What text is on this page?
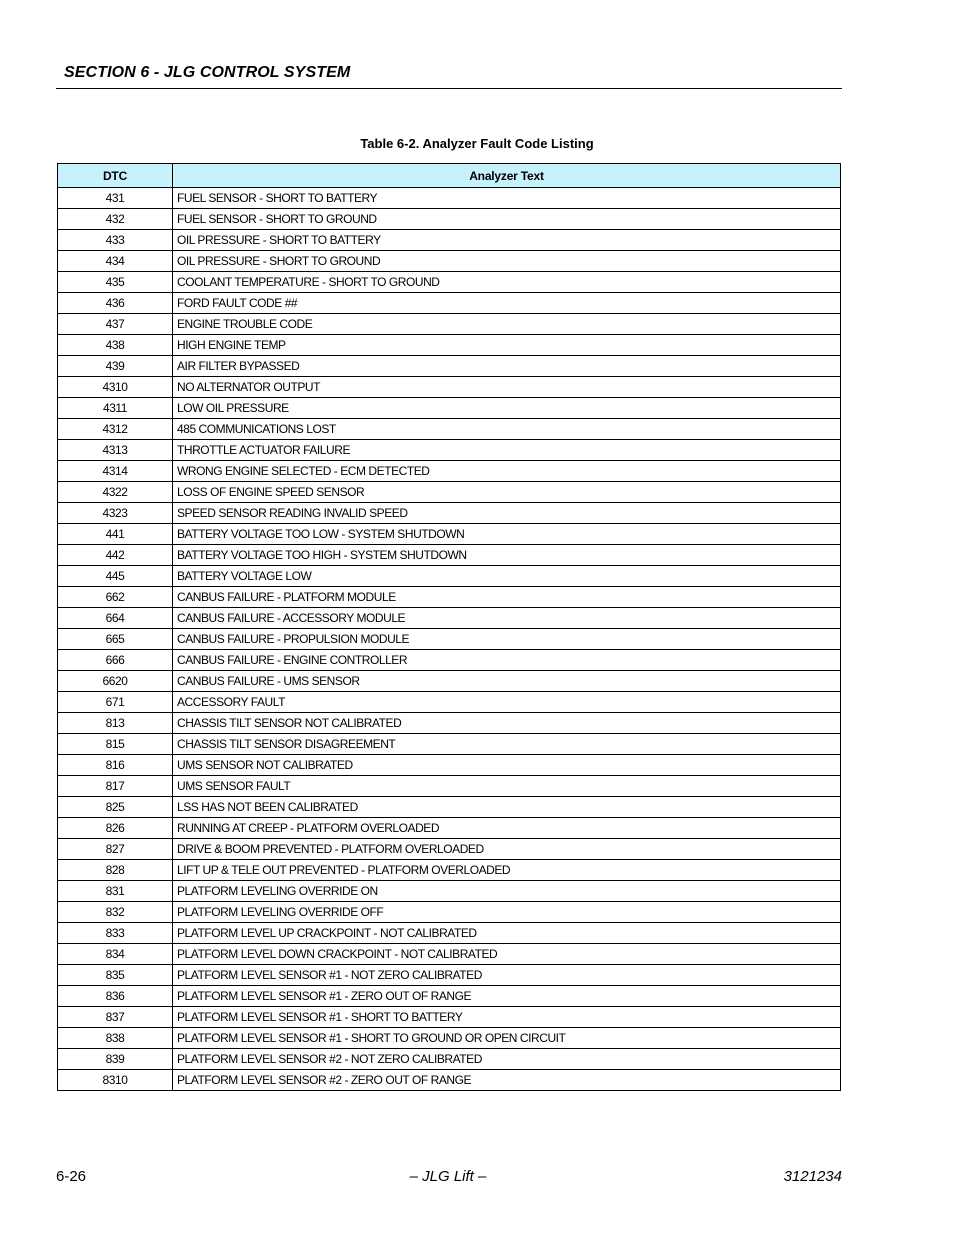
SECTION 6 - JLG CONTROL SYSTEM
Table 6-2. Analyzer Fault Code Listing
DTC	Analyzer Text
431	FUEL SENSOR - SHORT TO BATTERY
432	FUEL SENSOR - SHORT TO GROUND
433	OIL PRESSURE - SHORT TO BATTERY
434	OIL PRESSURE - SHORT TO GROUND
435	COOLANT TEMPERATURE - SHORT TO GROUND
436	FORD FAULT CODE ##
437	ENGINE TROUBLE CODE
438	HIGH ENGINE TEMP
439	AIR FILTER BYPASSED
4310	NO ALTERNATOR OUTPUT
4311	LOW OIL PRESSURE
4312	485 COMMUNICATIONS LOST
4313	THROTTLE ACTUATOR FAILURE
4314	WRONG ENGINE SELECTED - ECM DETECTED
4322	LOSS OF ENGINE SPEED SENSOR
4323	SPEED SENSOR READING INVALID SPEED
441	BATTERY VOLTAGE TOO LOW - SYSTEM SHUTDOWN
442	BATTERY VOLTAGE TOO HIGH - SYSTEM SHUTDOWN
445	BATTERY VOLTAGE LOW
662	CANBUS FAILURE - PLATFORM MODULE
664	CANBUS FAILURE - ACCESSORY MODULE
665	CANBUS FAILURE - PROPULSION MODULE
666	CANBUS FAILURE - ENGINE CONTROLLER
6620	CANBUS FAILURE - UMS SENSOR
671	ACCESSORY FAULT
813	CHASSIS TILT SENSOR NOT CALIBRATED
815	CHASSIS TILT SENSOR DISAGREEMENT
816	UMS SENSOR NOT CALIBRATED
817	UMS SENSOR FAULT
825	LSS HAS NOT BEEN CALIBRATED
826	RUNNING AT CREEP - PLATFORM OVERLOADED
827	DRIVE & BOOM PREVENTED - PLATFORM OVERLOADED
828	LIFT UP & TELE OUT PREVENTED - PLATFORM OVERLOADED
831	PLATFORM LEVELING OVERRIDE ON
832	PLATFORM LEVELING OVERRIDE OFF
833	PLATFORM LEVEL UP CRACKPOINT - NOT CALIBRATED
834	PLATFORM LEVEL DOWN CRACKPOINT - NOT CALIBRATED
835	PLATFORM LEVEL SENSOR #1 - NOT ZERO CALIBRATED
836	PLATFORM LEVEL SENSOR #1 - ZERO OUT OF RANGE
837	PLATFORM LEVEL SENSOR #1 - SHORT TO BATTERY
838	PLATFORM LEVEL SENSOR #1 - SHORT TO GROUND OR OPEN CIRCUIT
839	PLATFORM LEVEL SENSOR #2 - NOT ZERO CALIBRATED
8310	PLATFORM LEVEL SENSOR #2 - ZERO OUT OF RANGE
6-26	– JLG Lift –	3121234
